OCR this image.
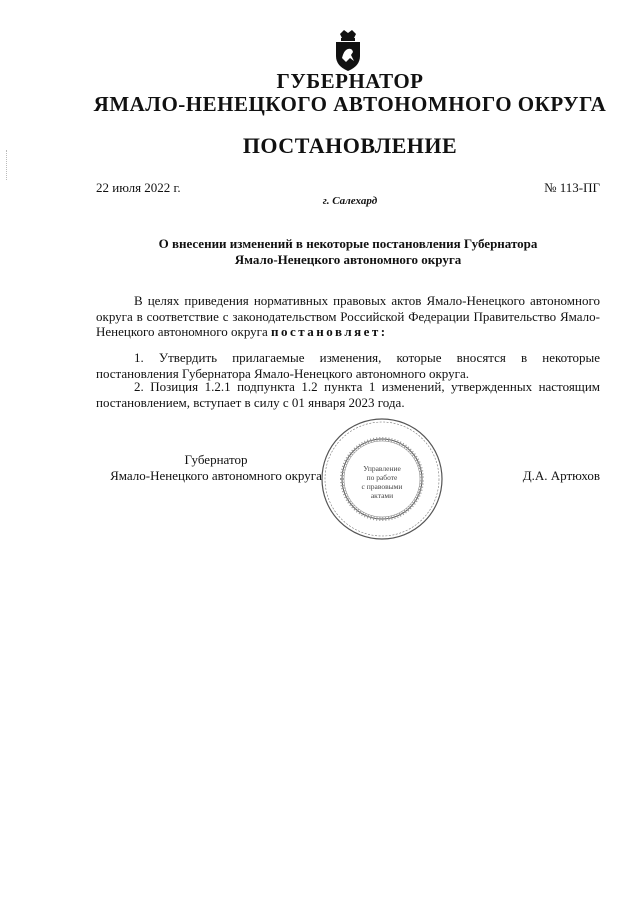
ГУБЕРНАТОР
ЯМАЛО-НЕНЕЦКОГО АВТОНОМНОГО ОКРУГА
ПОСТАНОВЛЕНИЕ
22 июля 2022 г.	№ 113-ПГ
г. Салехард
О внесении изменений в некоторые постановления Губернатора
Ямало-Ненецкого автономного округа
В целях приведения нормативных правовых актов Ямало-Ненецкого автономного округа в соответствие с законодательством Российской Федерации Правительство Ямало-Ненецкого автономного округа постановляет:
1. Утвердить прилагаемые изменения, которые вносятся в некоторые постановления Губернатора Ямало-Ненецкого автономного округа.
2. Позиция 1.2.1 подпункта 1.2 пункта 1 изменений, утвержденных настоящим постановлением, вступает в силу с 01 января 2023 года.
Управление
по работе
с правовыми
актами
Губернатор
Ямало-Ненецкого автономного округа	Д.А. Артюхов
